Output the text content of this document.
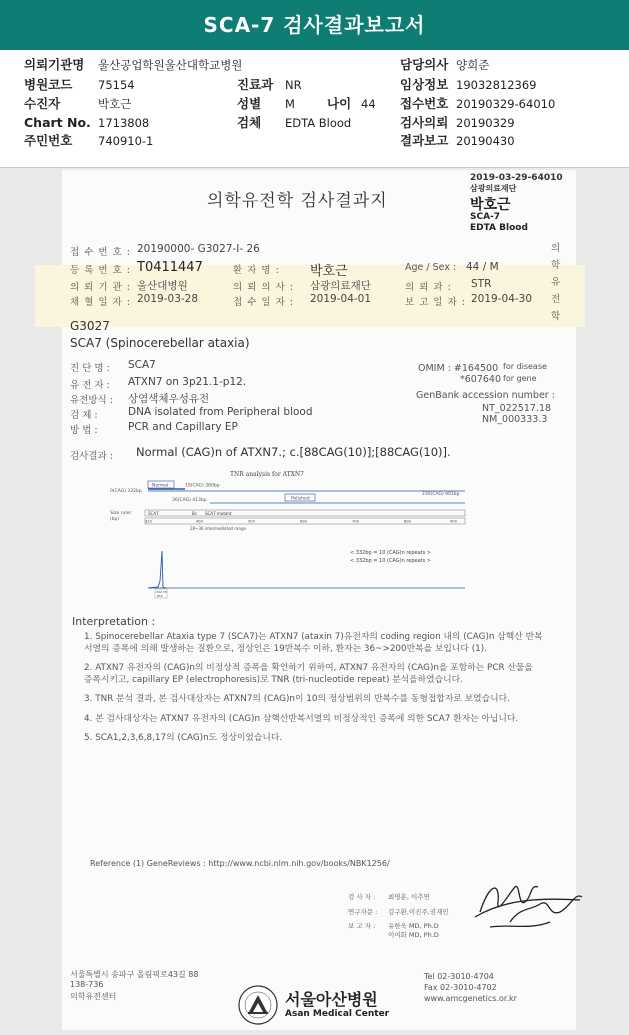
SCA-7 검사결과보고서
의뢰기관명 울산공업학원울산대학교병원
병원코드 75154
수진자	박호근
Chart No. 1713808
주민번호 740910-1
진료과 NR
성별 M	나이 44
검체 EDTA Blood
담당의사 양희준
임상정보 19032812369
접수번호 20190329-64010
검사의뢰 20190329
결과보고 20190430
2019-03-29-64010
삼광의료재단
박호근
SCA-7
EDTA Blood
의학유전학 검사결과지
의학유전학
접 수 번 호 : 20190000- G3027-I- 26
등 록 번 호 : T0411447	환 자 명 : 박호근	Age / Sex : 44 / M
의 뢰 기 관 : 울산대병원	의 뢰 의 사 : 삼광의료재단	의 뢰 과 : STR
채 혈 일 자 : 2019-03-28	접 수 일 자 : 2019-04-01	보 고 일 자 : 2019-04-30
G3027
SCA7 (Spinocerebellar ataxia)
진 단 명 : SCA7
유 전 자 : ATXN7 on 3p21.1-p12.
유전방식 : 상염색체우성유전
검 체 :	DNA isolated from Peripheral blood
방 법 :	PCR and Capillary EP
OMIM : #164500 for disease
*607640 for gene
GenBank accession number :
NT_022517.18
NM_000333.3
검사결과 : Normal (CAG)n of ATXN7.; c.[88CAG(10)];[88CAG(10)].
TNR analysis for ATXN7
0(CAG) 332bp
Normal	19(CAG) 360bp
36(CAG) 413bp	Polished
230(CAG) 901bp
Size ruler
(bp)
SCA7	Bc SCA7 mutant
320	400	500	600	700	800	900
28~36 intermediated range
< 332bp = 10 (CAG)n repeats >
< 332bp = 10 (CAG)n repeats >
332.78
852
Interpretation :

1. Spinocerebellar Ataxia type 7 (SCA7)는 ATXN7 (ataxin 7)유전자의 coding region 내의 (CAG)n 삼핵산 반복서열의 증폭에 의해 발생하는 질환으로, 정상인은 19반복수 이하, 환자는 36~>200반복을 보입니다 (1).

2. ATXN7 유전자의 (CAG)n의 비정상적 증폭을 확인하기 위하여, ATXN7 유전자의 (CAG)n을 포함하는 PCR 산물을 증폭시키고, capillary EP (electrophoresis)로 TNR (tri-nucleotide repeat) 분석을하였습니다.

3. TNR 분석 결과, 본 검사대상자는 ATXN7의 (CAG)n이 10의 정상범위의 반복수를 동형접합자로 보였습니다.

4. 본 검사대상자는 ATXN7 유전자의 (CAG)n 삼핵산반복서열의 비정상적인 증폭에 의한 SCA7 환자는 아닙니다.

5. SCA1,2,3,6,8,17의 (CAG)n도 정상이었습니다.

Reference (1) GeneReviews : http://www.ncbi.nlm.nih.gov/books/NBK1256/
검 사 자 : 최영훈, 이추연
연구자문 : 김구환,이진주,권재민
보 고 자 : 유한욱 MD, Ph.D
이여화 MD, Ph.D
서울특별시 송파구 올림픽로43길 88
138-736
의학유전센터	서울아산병원
Asan Medical Center
Tel 02-3010-4704
Fax 02-3010-4702
www.amcgenetics.or.kr
